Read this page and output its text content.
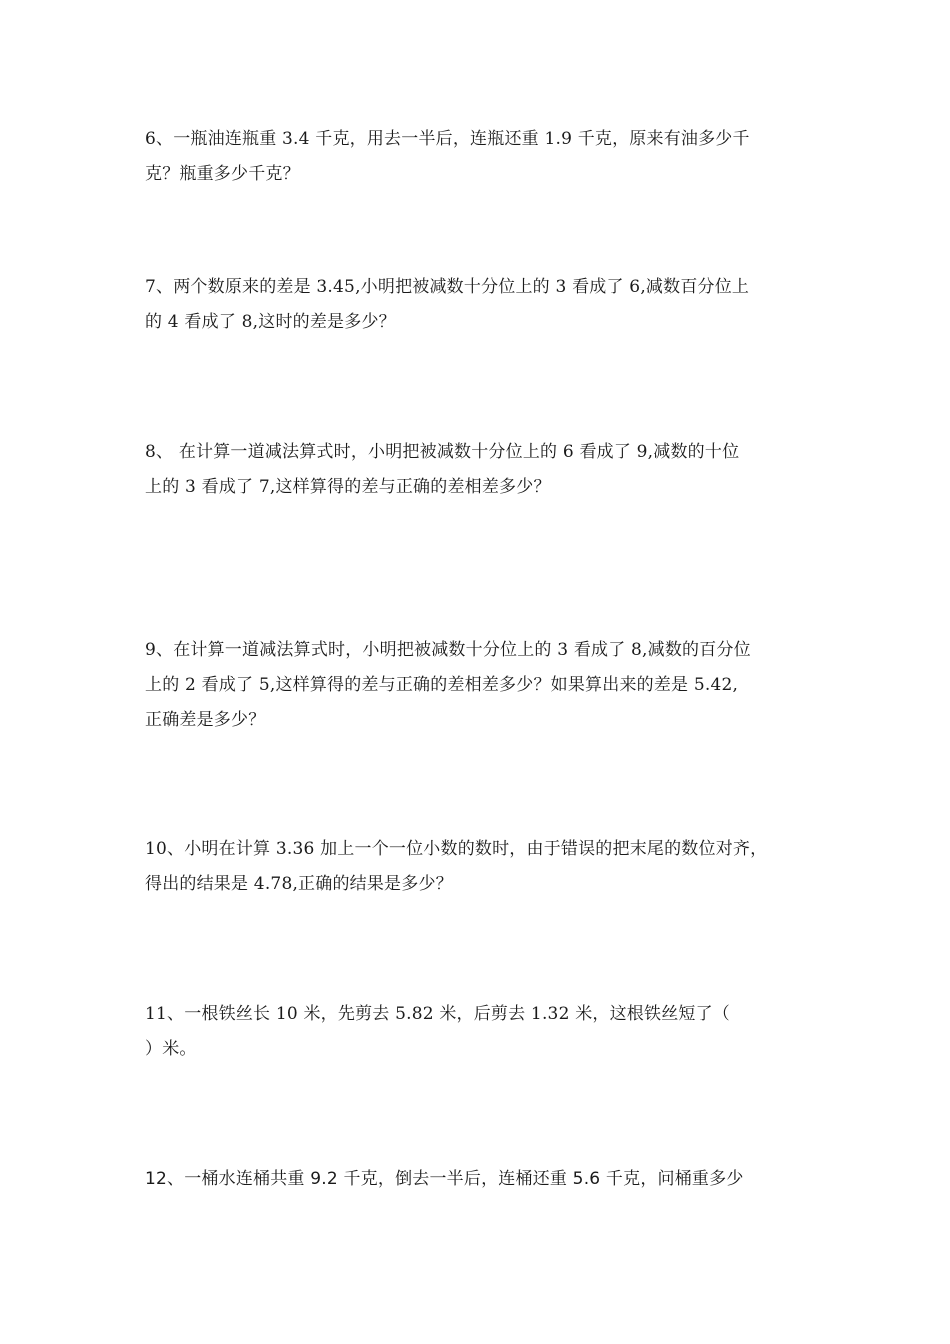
6、一瓶油连瓶重 3.4 千克，用去一半后，连瓶还重 1.9 千克，原来有油多少千
克？瓶重多少千克？
7、两个数原来的差是 3.45,小明把被减数十分位上的 3 看成了 6,减数百分位上
的 4 看成了 8,这时的差是多少？
8、 在计算一道减法算式时，小明把被减数十分位上的 6 看成了 9,减数的十位
上的 3 看成了 7,这样算得的差与正确的差相差多少？
9、在计算一道减法算式时，小明把被减数十分位上的 3 看成了 8,减数的百分位
上的 2 看成了 5,这样算得的差与正确的差相差多少？如果算出来的差是 5.42,
正确差是多少？
10、小明在计算 3.36 加上一个一位小数的数时，由于错误的把末尾的数位对齐，
得出的结果是 4.78,正确的结果是多少？
11、一根铁丝长 10 米，先剪去 5.82 米，后剪去 1.32 米，这根铁丝短了（
）米。
12、一桶水连桶共重 9.2 千克，倒去一半后，连桶还重 5.6 千克，问桶重多少
